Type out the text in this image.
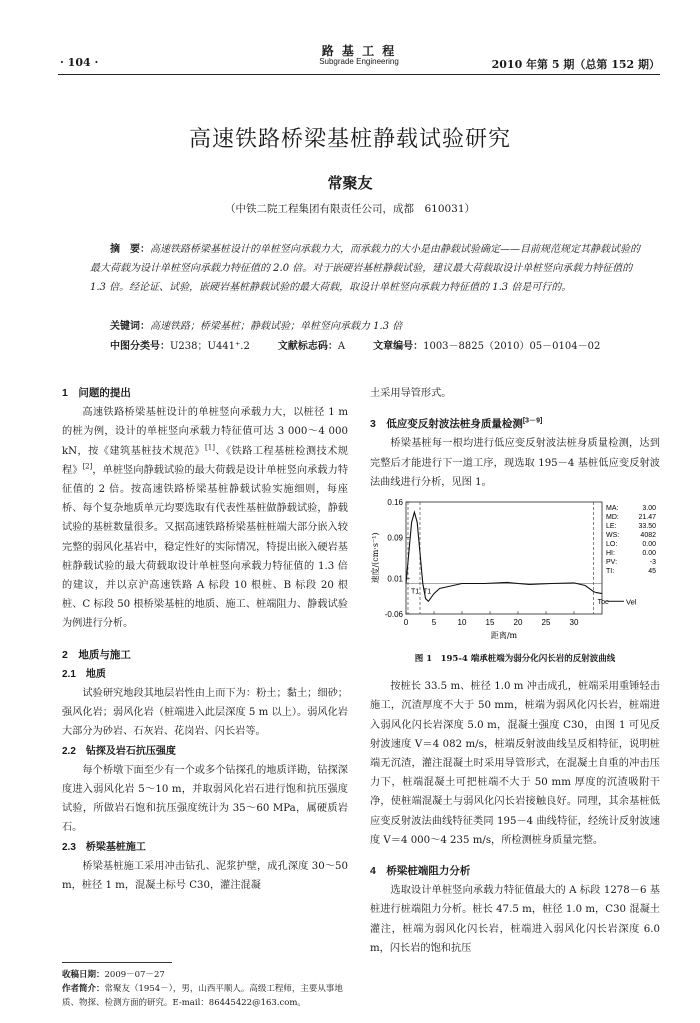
· 104 ·
路 基 工 程
Subgrade Engineering	2010 年第 5 期（总第 152 期）
高速铁路桥梁基桩静载试验研究
常聚友
（中铁二院工程集团有限责任公司，成都　610031）
摘　要：高速铁路桥梁基桩设计的单桩竖向承载力大，而承载力的大小是由静载试验确定——目前规范规定其静载试验的最大荷载为设计单桩竖向承载力特征值的 2.0 倍。对于嵌硬岩基桩静载试验，建议最大荷载取设计单桩竖向承载力特征值的 1.3 倍。经论证、试验，嵌硬岩基桩静载试验的最大荷载，取设计单桩竖向承载力特征值的 1.3 倍是可行的。
关键词：高速铁路；桥梁基桩；静载试验；单桩竖向承载力 1.3 倍
中图分类号：U238；U441⁺.2	文献标志码：A	文章编号：1003－8825（2010）05－0104－02
1　问题的提出
高速铁路桥梁基桩设计的单桩竖向承载力大，以桩径 1 m 的桩为例，设计的单桩竖向承载力特征值可达 3 000～4 000 kN，按《建筑基桩技术规范》[1]、《铁路工程基桩检测技术规程》[2]，单桩竖向静载试验的最大荷载是设计单桩竖向承载力特征值的 2 倍。按高速铁路桥梁基桩静载试验实施细则，每座桥、每个复杂地质单元均要选取有代表性基桩做静载试验，静载试验的基桩数量很多。又据高速铁路桥梁基桩桩端大部分嵌入较完整的弱风化基岩中，稳定性好的实际情况，特提出嵌入硬岩基桩静载试验的最大荷载取设计单桩竖向承载力特征值的 1.3 倍的建议，并以京沪高速铁路 A 标段 10 根桩、B 标段 20 根桩、C 标段 50 根桥梁基桩的地质、施工、桩端阻力、静载试验为例进行分析。
2　地质与施工
2.1　地质
试验研究地段其地层岩性由上而下为：粉土；黏土；细砂；强风化岩；弱风化岩（桩端进入此层深度 5 m 以上）。弱风化岩大部分为砂岩、石灰岩、花岗岩、闪长岩等。
2.2　钻探及岩石抗压强度
每个桥墩下面至少有一个或多个钻探孔的地质详勘，钻探深度进入弱风化岩 5～10 m，并取弱风化岩石进行饱和抗压强度试验，所做岩石饱和抗压强度统计为 35～60 MPa，属硬质岩石。
2.3　桥梁基桩施工
桥梁基桩施工采用冲击钻孔、泥浆护壁，成孔深度 30～50 m，桩径 1 m，混凝土标号 C30，灌注混凝
土采用导管形式。
3　低应变反射波法桩身质量检测[3－9]
桥梁基桩每一根均进行低应变反射波法桩身质量检测，达到完整后才能进行下一道工序，现选取 195－4 基桩低应变反射波法曲线进行分析，见图 1。
0.16
0.09
0.01
-0.06
0	5	10 15 20 25 30
距离/m
速度/(cm·s⁻¹)
T1 T1
Toe Vel
MA:	3.00
MD:	21.47
LE:	33.50
WS:	4082
LO:	0.00
HI:	0.00
PV:	-3
TI:	45
图 1　195-4 端承桩端为弱分化闪长岩的反射波曲线
按桩长 33.5 m、桩径 1.0 m 冲击成孔，桩端采用重锤轻击施工，沉渣厚度不大于 50 mm，桩端为弱风化闪长岩，桩端进入弱风化闪长岩深度 5.0 m，混凝土强度 C30，由图 1 可见反射波速度 V＝4 082 m/s，桩端反射波曲线呈反相特征，说明桩端无沉渣，灌注混凝土时采用导管形式，在混凝土自重的冲击压力下，桩端混凝土可把桩端不大于 50 mm 厚度的沉渣吸附干净，使桩端混凝土与弱风化闪长岩接触良好。同理，其余基桩低应变反射波法曲线特征类同 195－4 曲线特征，经统计反射波速度 V＝4 000～4 235 m/s，所检测桩身质量完整。
4　桥梁桩端阻力分析
选取设计单桩竖向承载力特征值最大的 A 标段 1278－6 基桩进行桩端阻力分析。桩长 47.5 m，桩径 1.0 m，C30 混凝土灌注，桩端为弱风化闪长岩，桩端进入弱风化闪长岩深度 6.0 m，闪长岩的饱和抗压
收稿日期：2009－07－27
作者简介：常聚友（1954－），男，山西平顺人。高级工程师，主要从事地质、物探、检测方面的研究。E-mail：86445422@163.com。
